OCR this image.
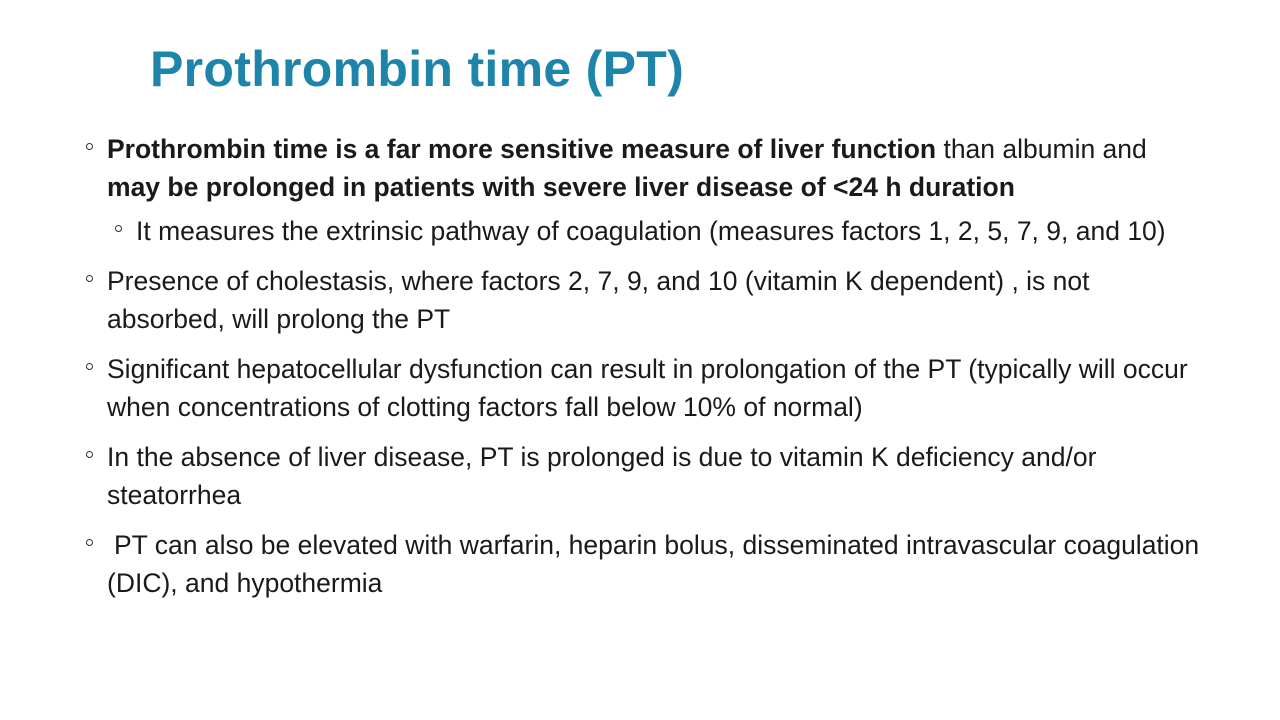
Prothrombin time (PT)
Prothrombin time is a far more sensitive measure of liver function than albumin and may be prolonged in patients with severe liver disease of <24 h duration
It measures the extrinsic pathway of coagulation (measures factors 1, 2, 5, 7, 9, and 10)
Presence of cholestasis, where factors 2, 7, 9, and 10 (vitamin K dependent) , is not absorbed, will prolong the PT
Significant hepatocellular dysfunction can result in prolongation of the PT (typically will occur when concentrations of clotting factors fall below 10% of normal)
In the absence of liver disease, PT is prolonged is due to vitamin K deficiency and/or steatorrhea
PT can also be elevated with warfarin, heparin bolus, disseminated intravascular coagulation (DIC), and hypothermia
